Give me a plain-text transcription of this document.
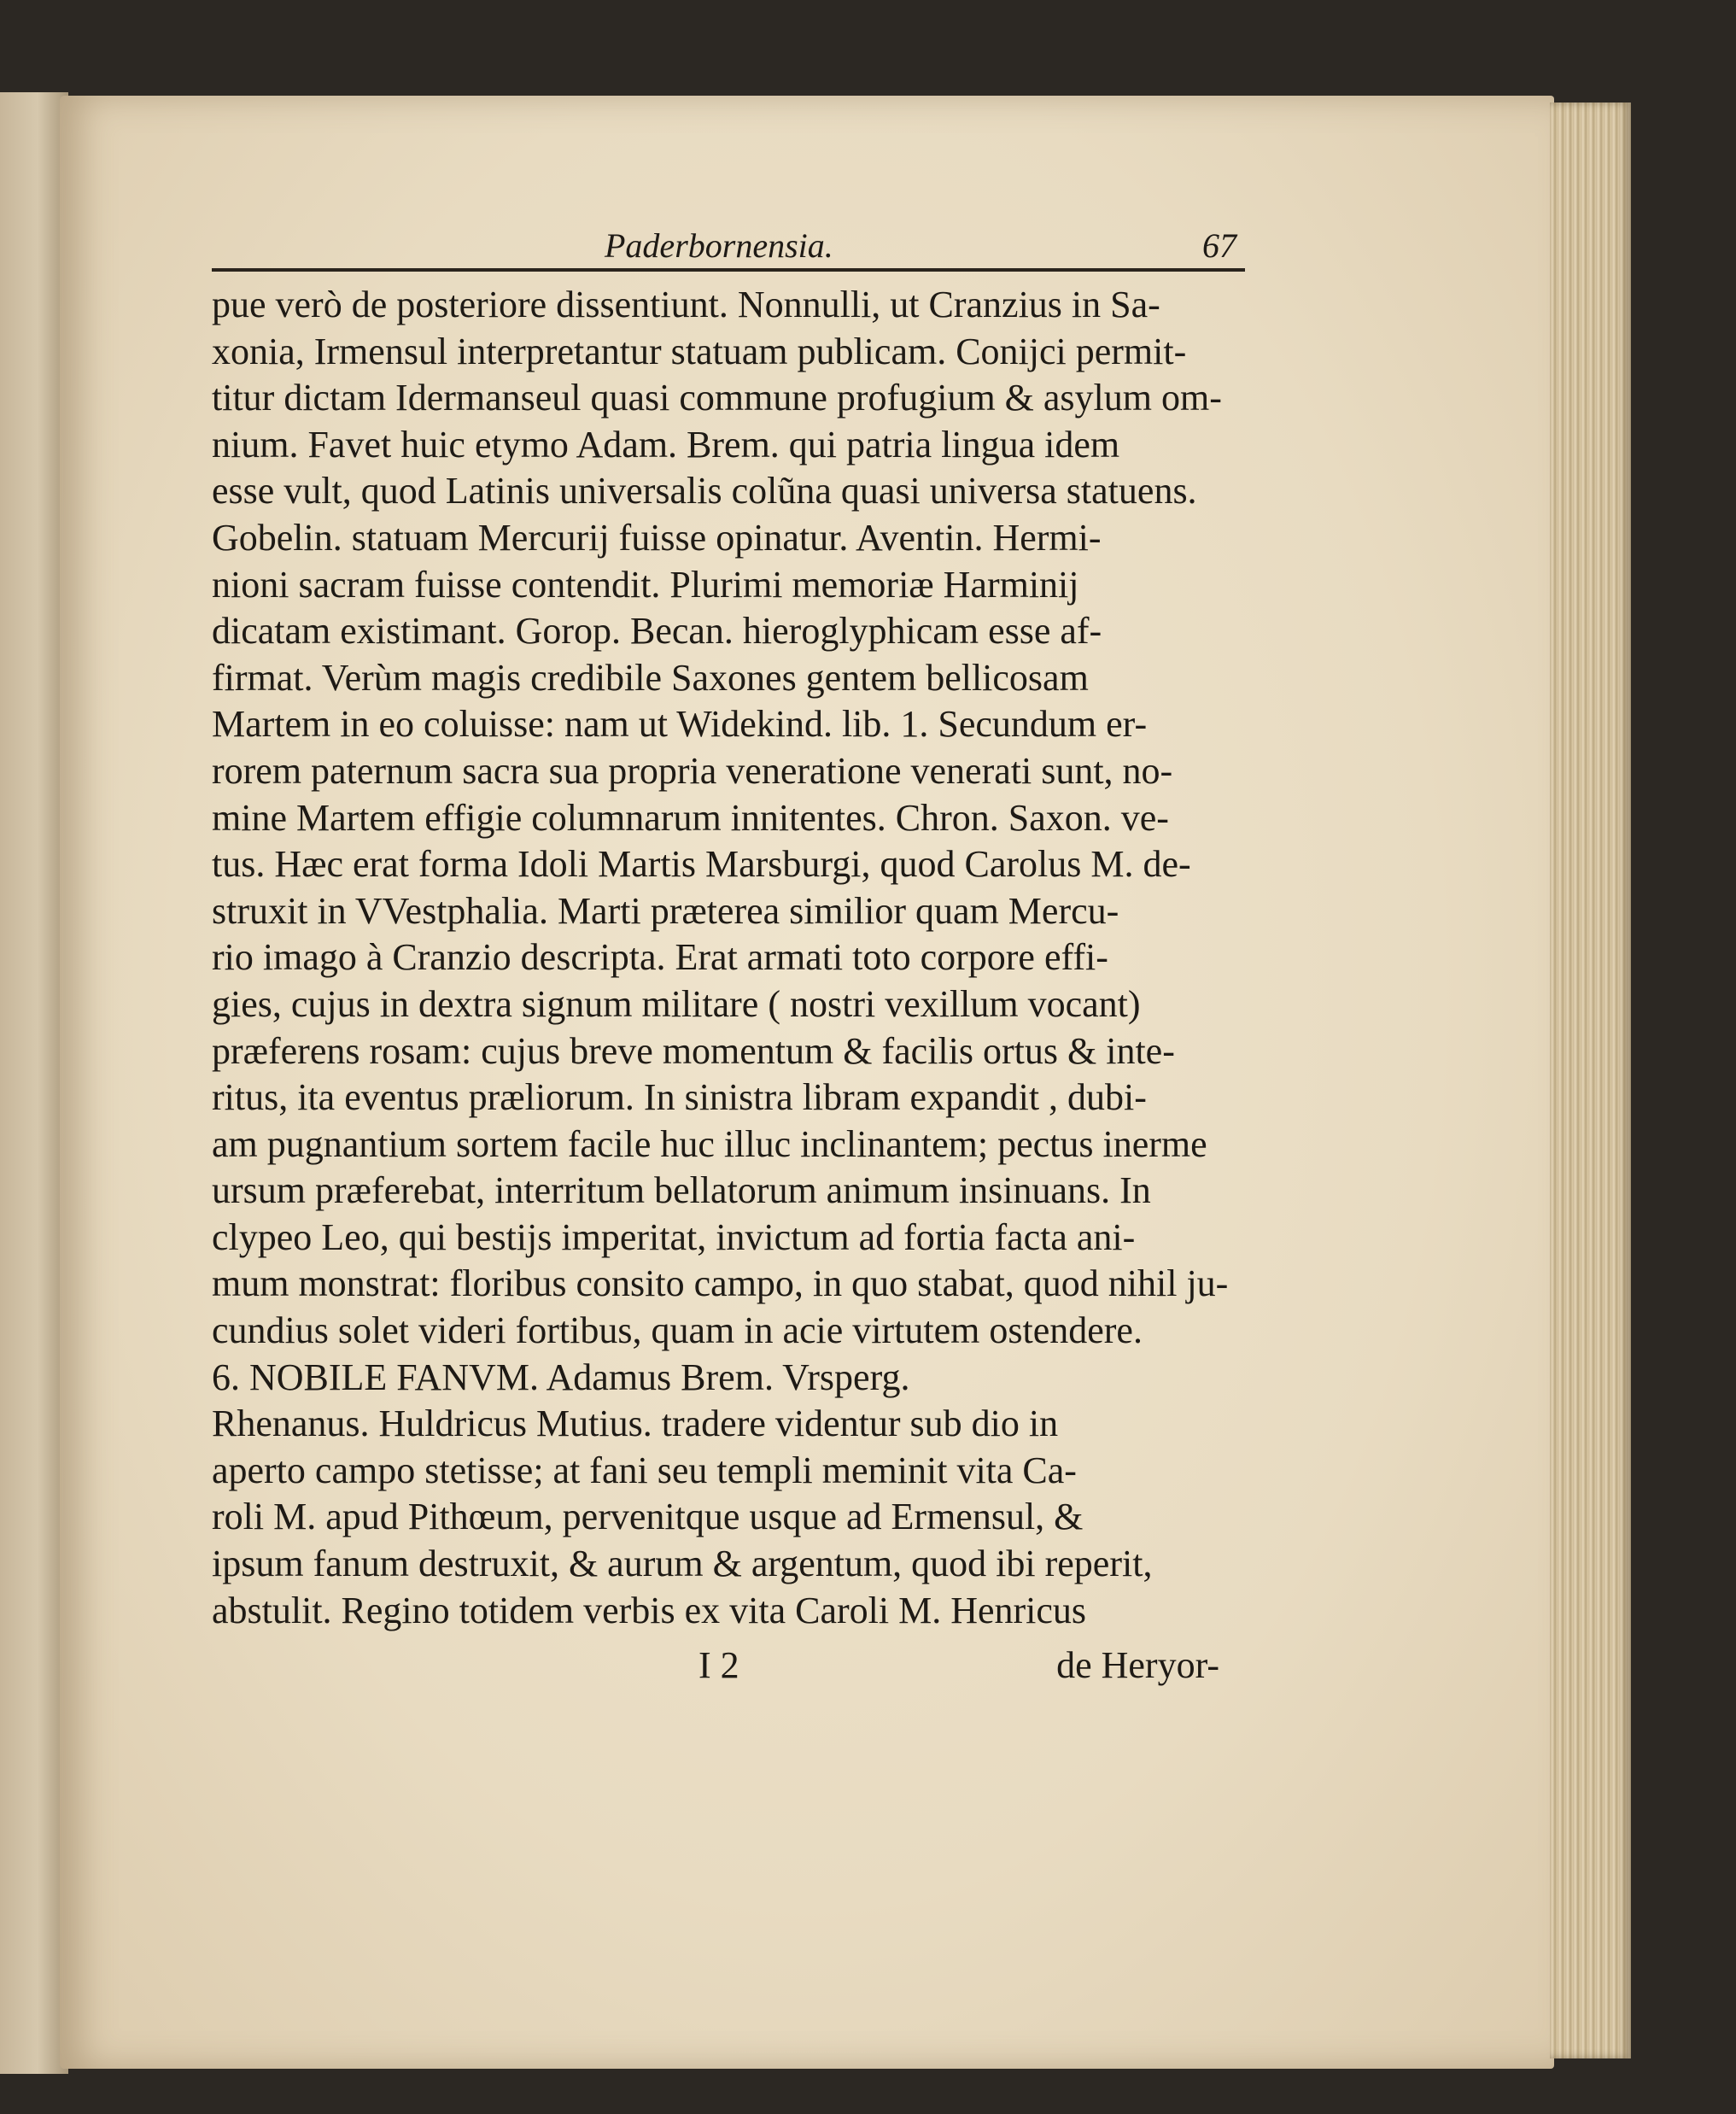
Paderbornensia.	67
pue verò de posteriore dissentiunt. Nonnulli, ut Cranzius in Sa-
xonia, Irmensul interpretantur statuam publicam. Conijci permit-
titur dictam Idermanseul quasi commune profugium & asylum om-
nium. Favet huic etymo Adam. Brem. qui patria lingua idem
esse vult, quod Latinis universalis colũna quasi universa statuens.
Gobelin. statuam Mercurij fuisse opinatur. Aventin. Hermi-
nioni sacram fuisse contendit. Plurimi memoriæ Harminij
dicatam existimant. Gorop. Becan. hieroglyphicam esse af-
firmat. Verùm magis credibile Saxones gentem bellicosam
Martem in eo coluisse: nam ut Widekind. lib. 1. Secundum er-
rorem paternum sacra sua propria veneratione venerati sunt, no-
mine Martem effigie columnarum innitentes. Chron. Saxon. ve-
tus. Hæc erat forma Idoli Martis Marsburgi, quod Carolus M. de-
struxit in VVestphalia. Marti præterea similior quam Mercu-
rio imago à Cranzio descripta. Erat armati toto corpore effi-
gies, cujus in dextra signum militare ( nostri vexillum vocant)
præferens rosam: cujus breve momentum & facilis ortus & inte-
ritus, ita eventus præliorum. In sinistra libram expandit , dubi-
am pugnantium sortem facile huc illuc inclinantem; pectus inerme
ursum præferebat, interritum bellatorum animum insinuans. In
clypeo Leo, qui bestijs imperitat, invictum ad fortia facta ani-
mum monstrat: floribus consito campo, in quo stabat, quod nihil ju-
cundius solet videri fortibus, quam in acie virtutem ostendere.
6. NOBILE FANVM. Adamus Brem. Vrsperg.
Rhenanus. Huldricus Mutius. tradere videntur sub dio in
aperto campo stetisse; at fani seu templi meminit vita Ca-
roli M. apud Pithœum, pervenitque usque ad Ermensul, &
ipsum fanum destruxit, & aurum & argentum, quod ibi reperit,
abstulit. Regino totidem verbis ex vita Caroli M. Henricus
I 2	de Heryor-
